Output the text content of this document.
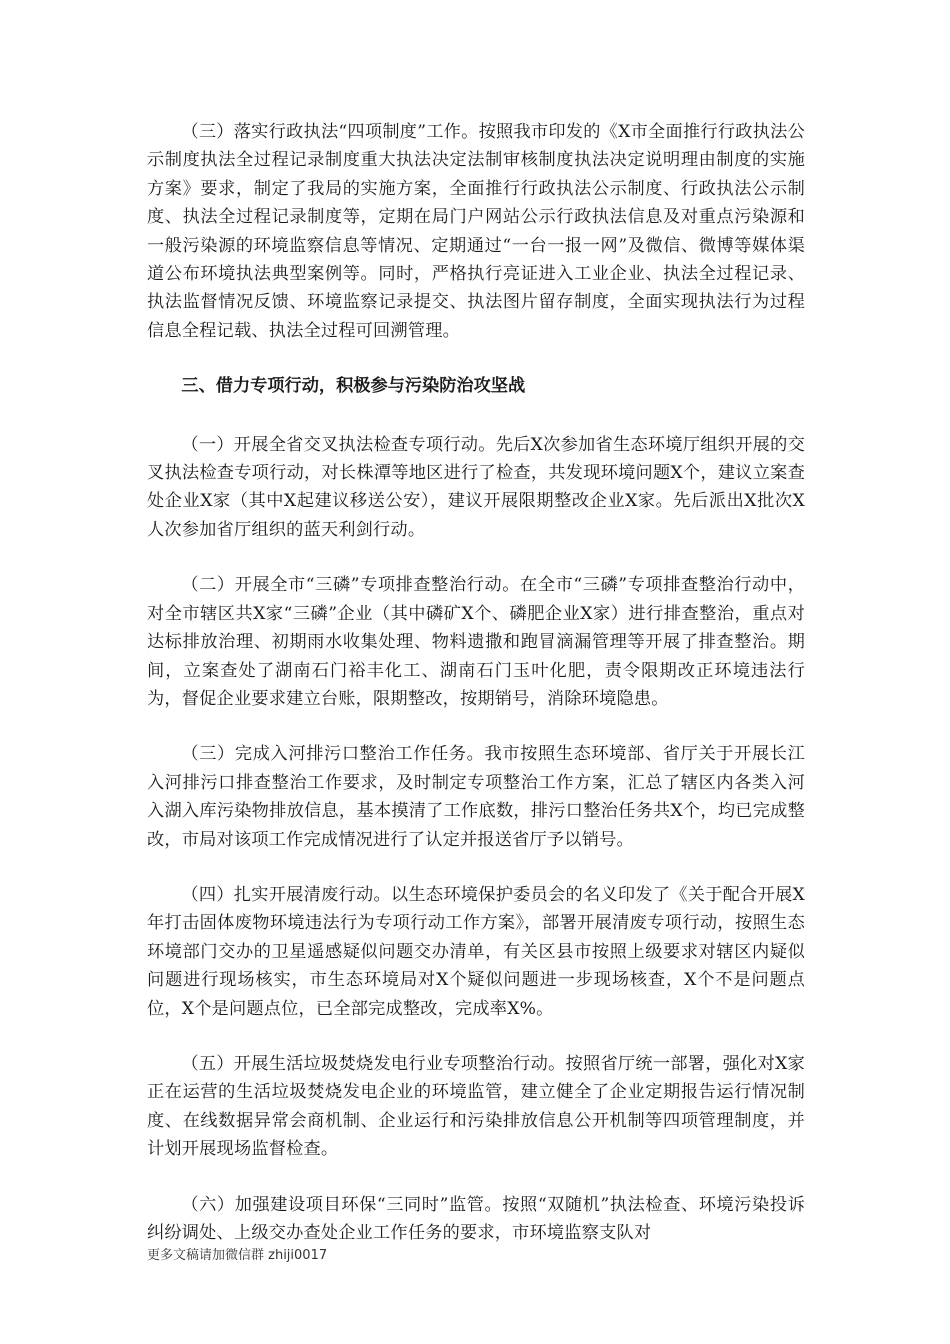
（三）落实行政执法“四项制度”工作。按照我市印发的《X市全面推行行政执法公示制度执法全过程记录制度重大执法决定法制审核制度执法决定说明理由制度的实施方案》要求，制定了我局的实施方案，全面推行行政执法公示制度、行政执法公示制度、执法全过程记录制度等，定期在局门户网站公示行政执法信息及对重点污染源和一般污染源的环境监察信息等情况、定期通过“一台一报一网”及微信、微博等媒体渠道公布环境执法典型案例等。同时，严格执行亮证进入工业企业、执法全过程记录、执法监督情况反馈、环境监察记录提交、执法图片留存制度，全面实现执法行为过程信息全程记载、执法全过程可回溯管理。

三、借力专项行动，积极参与污染防治攻坚战

（一）开展全省交叉执法检查专项行动。先后X次参加省生态环境厅组织开展的交叉执法检查专项行动，对长株潭等地区进行了检查，共发现环境问题X个，建议立案查处企业X家（其中X起建议移送公安），建议开展限期整改企业X家。先后派出X批次X人次参加省厅组织的蓝天利剑行动。

（二）开展全市“三磷”专项排查整治行动。在全市“三磷”专项排查整治行动中，对全市辖区共X家“三磷”企业（其中磷矿X个、磷肥企业X家）进行排查整治，重点对达标排放治理、初期雨水收集处理、物料遗撒和跑冒滴漏管理等开展了排查整治。期间，立案查处了湖南石门裕丰化工、湖南石门玉叶化肥，责令限期改正环境违法行为，督促企业要求建立台账，限期整改，按期销号，消除环境隐患。

（三）完成入河排污口整治工作任务。我市按照生态环境部、省厅关于开展长江入河排污口排查整治工作要求，及时制定专项整治工作方案，汇总了辖区内各类入河入湖入库污染物排放信息，基本摸清了工作底数，排污口整治任务共X个，均已完成整改，市局对该项工作完成情况进行了认定并报送省厅予以销号。

（四）扎实开展清废行动。以生态环境保护委员会的名义印发了《关于配合开展X年打击固体废物环境违法行为专项行动工作方案》，部署开展清废专项行动，按照生态环境部门交办的卫星遥感疑似问题交办清单，有关区县市按照上级要求对辖区内疑似问题进行现场核实，市生态环境局对X个疑似问题进一步现场核查，X个不是问题点位，X个是问题点位，已全部完成整改，完成率X%。

（五）开展生活垃圾焚烧发电行业专项整治行动。按照省厅统一部署，强化对X家正在运营的生活垃圾焚烧发电企业的环境监管，建立健全了企业定期报告运行情况制度、在线数据异常会商机制、企业运行和污染排放信息公开机制等四项管理制度，并计划开展现场监督检查。

（六）加强建设项目环保“三同时”监管。按照“双随机”执法检查、环境污染投诉纠纷调处、上级交办查处企业工作任务的要求，市环境监察支队对

更多文稿请加微信群 zhiji0017
